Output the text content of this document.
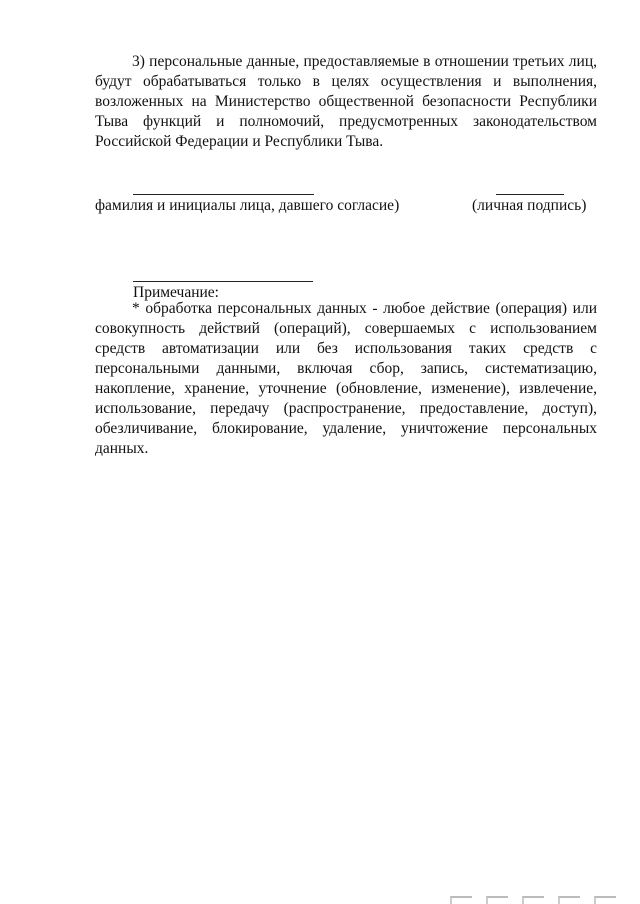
3) персональные данные, предоставляемые в отношении третьих лиц, будут обрабатываться только в целях осуществления и выполнения, возложенных на Министерство общественной безопасности Республики Тыва функций и полномочий, предусмотренных законодательством Российской Федерации и Республики Тыва.

фамилия и инициалы лица, давшего согласие)	(личная подпись)

Примечание:

* обработка персональных данных - любое действие (операция) или совокупность действий (операций), совершаемых с использованием средств автоматизации или без использования таких средств с персональными данными, включая сбор, запись, систематизацию, накопление, хранение, уточнение (обновление, изменение), извлечение, использование, передачу (распространение, предоставление, доступ), обезличивание, блокирование, удаление, уничтожение персональных данных.
